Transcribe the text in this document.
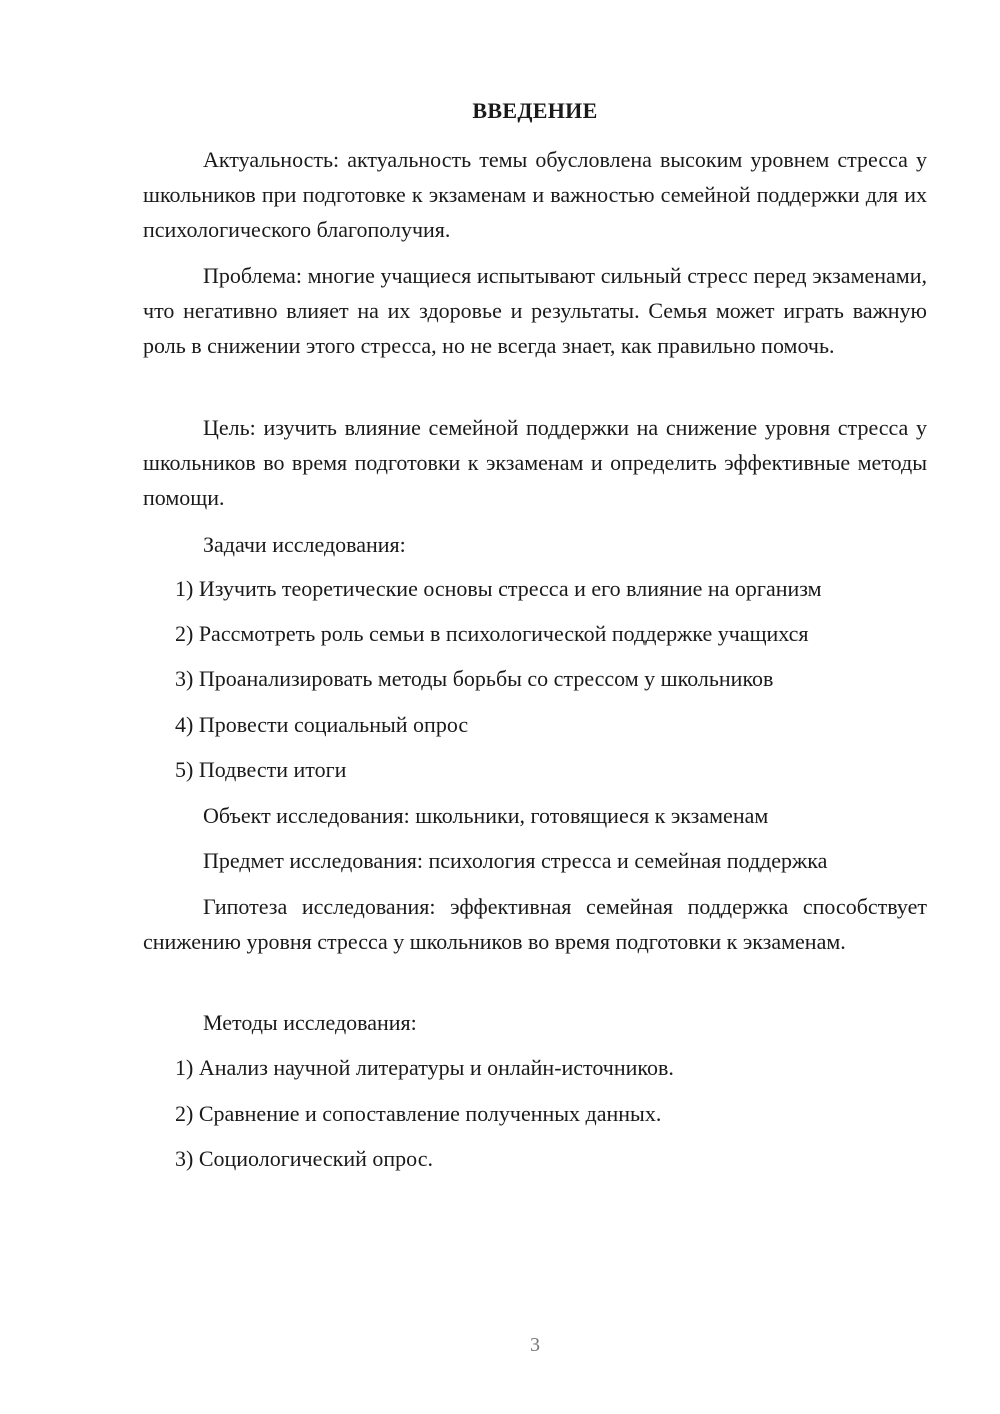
ВВЕДЕНИЕ
Актуальность: актуальность темы обусловлена высоким уровнем стресса у школьников при подготовке к экзаменам и важностью семейной поддержки для их психологического благополучия.
Проблема: многие учащиеся испытывают сильный стресс перед экзаменами, что негативно влияет на их здоровье и результаты. Семья может играть важную роль в снижении этого стресса, но не всегда знает, как правильно помочь.
Цель: изучить влияние семейной поддержки на снижение уровня стресса у школьников во время подготовки к экзаменам и определить эффективные методы помощи.
Задачи исследования:
1) Изучить теоретические основы стресса и его влияние на организм
2) Рассмотреть роль семьи в психологической поддержке учащихся
3) Проанализировать методы борьбы со стрессом у школьников
4) Провести социальный опрос
5) Подвести итоги
Объект исследования: школьники, готовящиеся к экзаменам
Предмет исследования: психология стресса и семейная поддержка
Гипотеза исследования: эффективная семейная поддержка способствует снижению уровня стресса у школьников во время подготовки к экзаменам.
Методы исследования:
1) Анализ научной литературы и онлайн-источников.
2) Сравнение и сопоставление полученных данных.
3) Социологический опрос.
3
